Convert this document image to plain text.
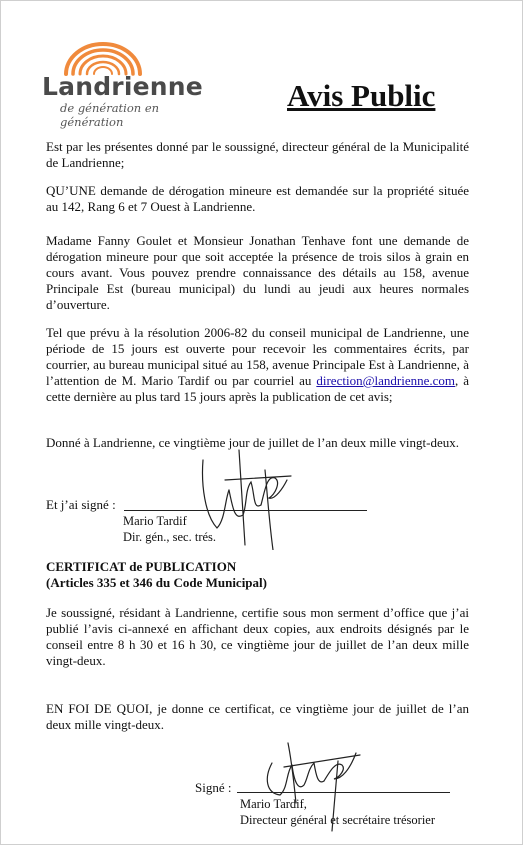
Landrienne
de génération en génération
Avis Public

Est par les présentes donné par le soussigné, directeur général de la Municipalité de Landrienne;

QU’UNE demande de dérogation mineure est demandée sur la propriété située au 142, Rang 6 et 7 Ouest à Landrienne.

Madame Fanny Goulet et Monsieur Jonathan Tenhave font une demande de dérogation mineure pour que soit acceptée la présence de trois silos à grain en cours avant. Vous pouvez prendre connaissance des détails au 158, avenue Principale Est (bureau municipal) du lundi au jeudi aux heures normales d’ouverture.

Tel que prévu à la résolution 2006-82 du conseil municipal de Landrienne, une période de 15 jours est ouverte pour recevoir les commentaires écrits, par courrier, au bureau municipal situé au 158, avenue Principale Est à Landrienne, à l’attention de M. Mario Tardif ou par courriel au direction@landrienne.com, à cette dernière au plus tard 15 jours après la publication de cet avis;

Donné à Landrienne, ce vingtième jour de juillet de l’an deux mille vingt-deux.

Et j’ai signé :
Mario Tardif
Dir. gén., sec. trés.
CERTIFICAT de PUBLICATION
(Articles 335 et 346 du Code Municipal)

Je soussigné, résidant à Landrienne, certifie sous mon serment d’office que j’ai publié l’avis ci-annexé en affichant deux copies, aux endroits désignés par le conseil entre 8 h 30 et 16 h 30, ce vingtième jour de juillet de l’an deux mille vingt-deux.

EN FOI DE QUOI, je donne ce certificat, ce vingtième jour de juillet de l’an deux mille vingt-deux.

Signé :
Mario Tardif,
Directeur général et secrétaire trésorier
